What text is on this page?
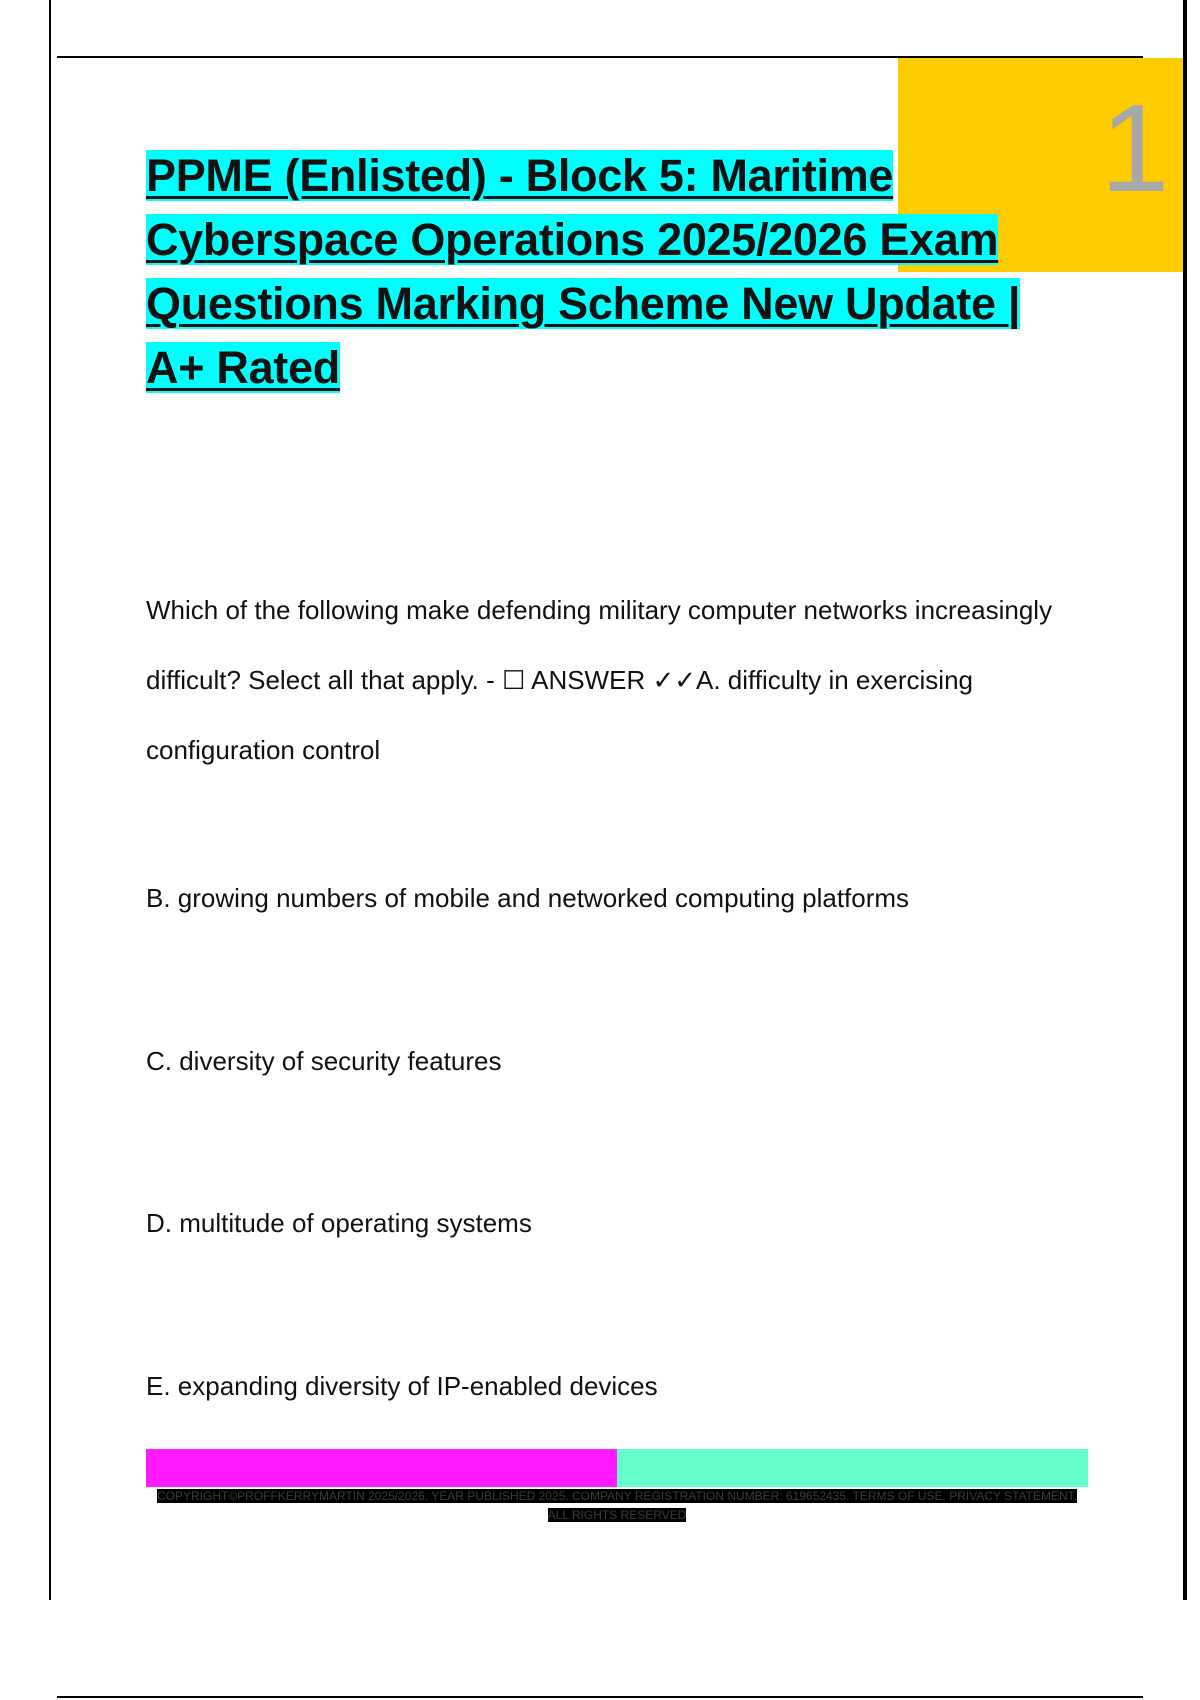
1
PPME (Enlisted) - Block 5: Maritime Cyberspace Operations 2025/2026 Exam Questions Marking Scheme New Update | A+ Rated

Which of the following make defending military computer networks increasingly difficult? Select all that apply. - ☐ ANSWER ✓✓A. difficulty in exercising configuration control

B. growing numbers of mobile and networked computing platforms

C. diversity of security features

D. multitude of operating systems

E. expanding diversity of IP-enabled devices

COPYRIGHT©PROFFKERRYMARTIN 2025/2026. YEAR PUBLISHED 2025. COMPANY REGISTRATION NUMBER: 619652435. TERMS OF USE. PRIVACY STATEMENT. ALL RIGHTS RESERVED
